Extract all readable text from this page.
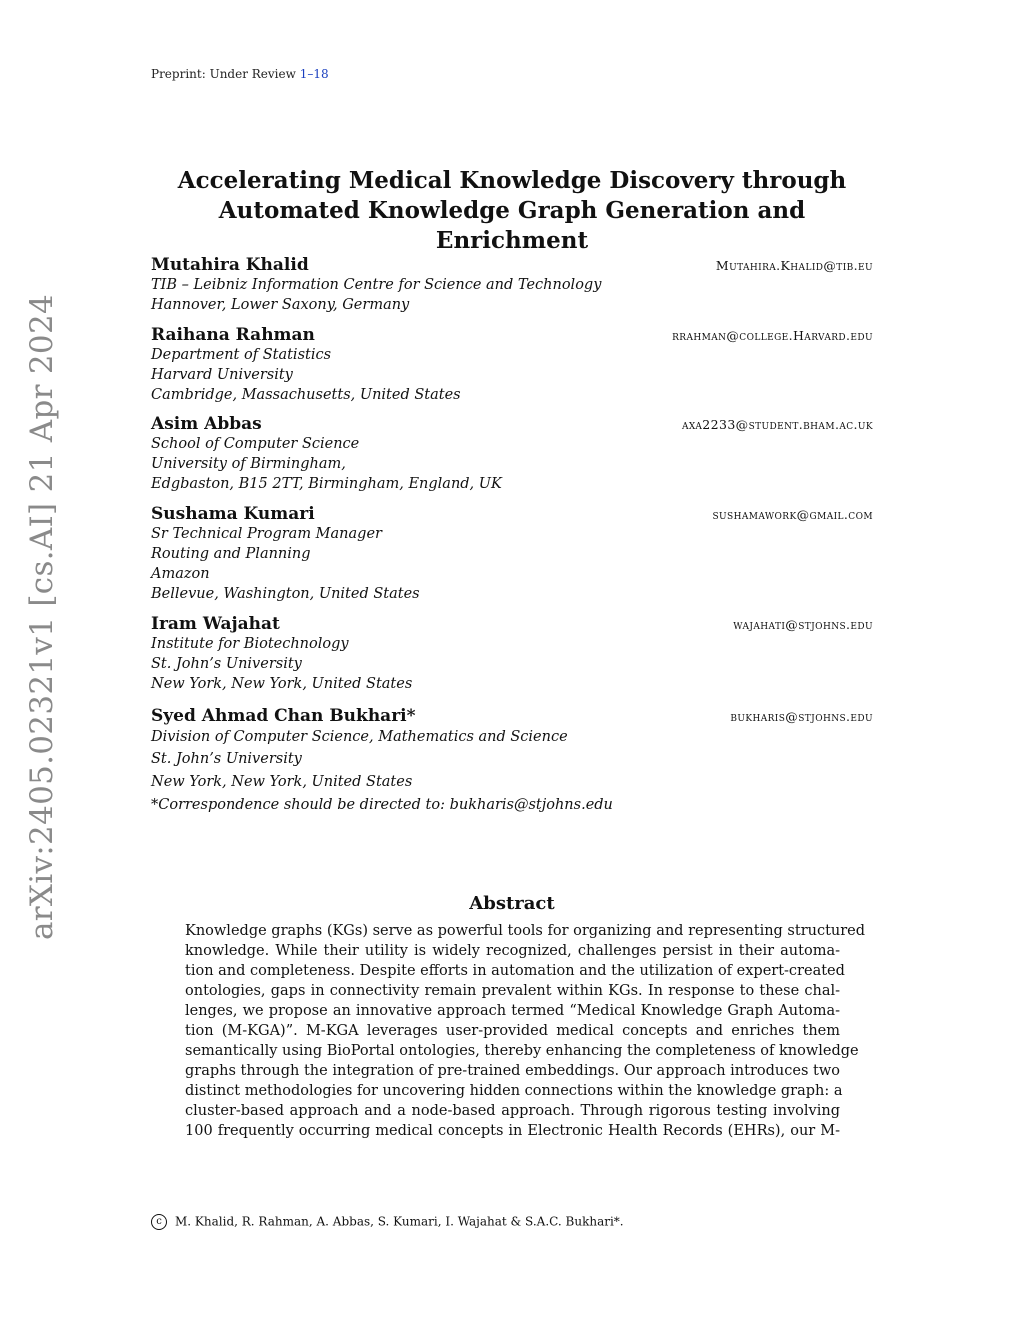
Preprint: Under Review 1–18
arXiv:2405.02321v1 [cs.AI] 21 Apr 2024
Accelerating Medical Knowledge Discovery through
Automated Knowledge Graph Generation and Enrichment
Mutahira Khalid	Mutahira.Khalid@tib.eu
TIB – Leibniz Information Centre for Science and Technology
Hannover, Lower Saxony, Germany
Raihana Rahman	rrahman@college.Harvard.edu
Department of Statistics
Harvard University
Cambridge, Massachusetts, United States
Asim Abbas	axa2233@student.bham.ac.uk
School of Computer Science
University of Birmingham,
Edgbaston, B15 2TT, Birmingham, England, UK
Sushama Kumari	sushamawork@gmail.com
Sr Technical Program Manager
Routing and Planning
Amazon
Bellevue, Washington, United States
Iram Wajahat	wajahati@stjohns.edu
Institute for Biotechnology
St. John’s University
New York, New York, United States
Syed Ahmad Chan Bukhari*	bukharis@stjohns.edu
Division of Computer Science, Mathematics and Science
St. John’s University
New York, New York, United States
*Correspondence should be directed to: bukharis@stjohns.edu
Abstract
Knowledge graphs (KGs) serve as powerful tools for organizing and representing structured
knowledge. While their utility is widely recognized, challenges persist in their automa-
tion and completeness. Despite efforts in automation and the utilization of expert-created
ontologies, gaps in connectivity remain prevalent within KGs. In response to these chal-
lenges, we propose an innovative approach termed “Medical Knowledge Graph Automa-
tion (M-KGA)”. M-KGA leverages user-provided medical concepts and enriches them
semantically using BioPortal ontologies, thereby enhancing the completeness of knowledge
graphs through the integration of pre-trained embeddings. Our approach introduces two
distinct methodologies for uncovering hidden connections within the knowledge graph: a
cluster-based approach and a node-based approach. Through rigorous testing involving
100 frequently occurring medical concepts in Electronic Health Records (EHRs), our M-
c M. Khalid, R. Rahman, A. Abbas, S. Kumari, I. Wajahat & S.A.C. Bukhari*.
